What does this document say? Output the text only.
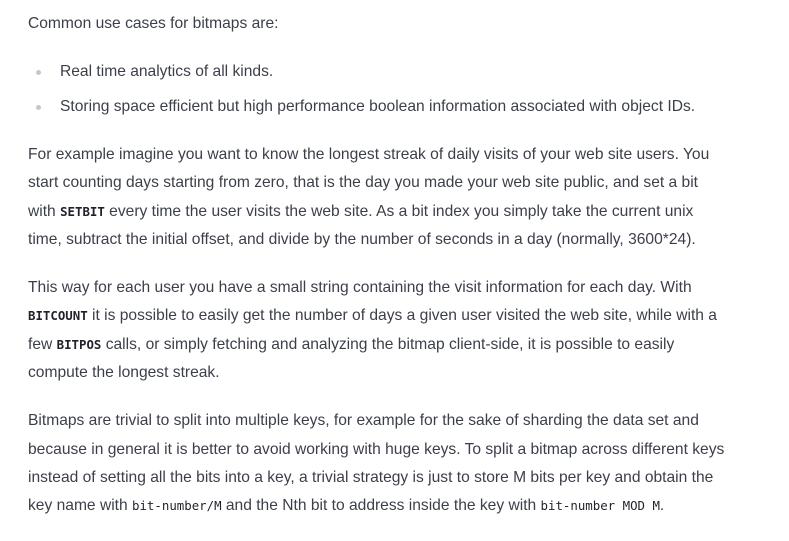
Common use cases for bitmaps are:

Real time analytics of all kinds.
Storing space efficient but high performance boolean information associated with object IDs.

For example imagine you want to know the longest streak of daily visits of your web site users. You

start counting days starting from zero, that is the day you made your web site public, and set a bit

with SETBIT every time the user visits the web site. As a bit index you simply take the current unix

time, subtract the initial offset, and divide by the number of seconds in a day (normally, 3600*24).

This way for each user you have a small string containing the visit information for each day. With

BITCOUNT it is possible to easily get the number of days a given user visited the web site, while with a

few BITPOS calls, or simply fetching and analyzing the bitmap client-side, it is possible to easily

compute the longest streak.

Bitmaps are trivial to split into multiple keys, for example for the sake of sharding the data set and

because in general it is better to avoid working with huge keys. To split a bitmap across different keys

instead of setting all the bits into a key, a trivial strategy is just to store M bits per key and obtain the

key name with bit-number/M and the Nth bit to address inside the key with bit-number MOD M.
